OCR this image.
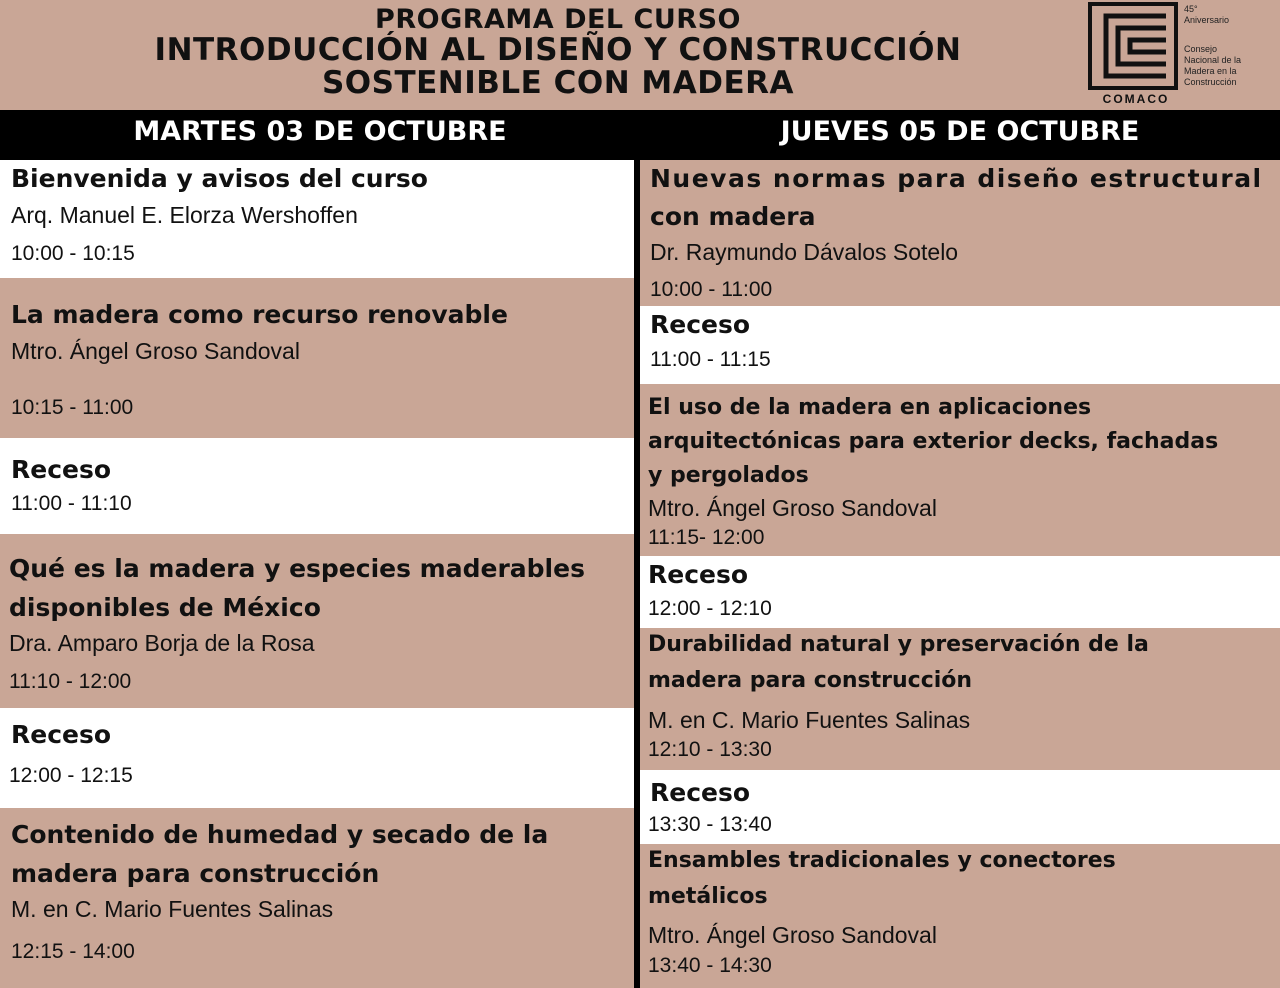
PROGRAMA DEL CURSO
INTRODUCCIÓN AL DISEÑO Y CONSTRUCCIÓN
SOSTENIBLE CON MADERA
45° Aniversario
Consejo
Nacional de la
Madera en la
Construcción
COMACO
MARTES 03 DE OCTUBRE	JUEVES 05 DE OCTUBRE
Bienvenida y avisos del curso
Arq. Manuel E. Elorza Wershoffen
10:00 - 10:15
La madera como recurso renovable
Mtro. Ángel Groso Sandoval
10:15 - 11:00
Receso
11:00 - 11:10
Qué es la madera y especies maderables
disponibles de México
Dra. Amparo Borja de la Rosa
11:10 - 12:00
Receso
12:00 - 12:15
Contenido de humedad y secado de la
madera para construcción
M. en C. Mario Fuentes Salinas
12:15 - 14:00
Nuevas normas para diseño estructural
con madera
Dr. Raymundo Dávalos Sotelo
10:00 - 11:00
Receso
11:00 - 11:15
El uso de la madera en aplicaciones
arquitectónicas para exterior decks, fachadas
y pergolados
Mtro. Ángel Groso Sandoval
11:15- 12:00
Receso
12:00 - 12:10
Durabilidad natural y preservación de la
madera para construcción
M. en C. Mario Fuentes Salinas
12:10 - 13:30
Receso
13:30 - 13:40
Ensambles tradicionales y conectores
metálicos
Mtro. Ángel Groso Sandoval
13:40 - 14:30
